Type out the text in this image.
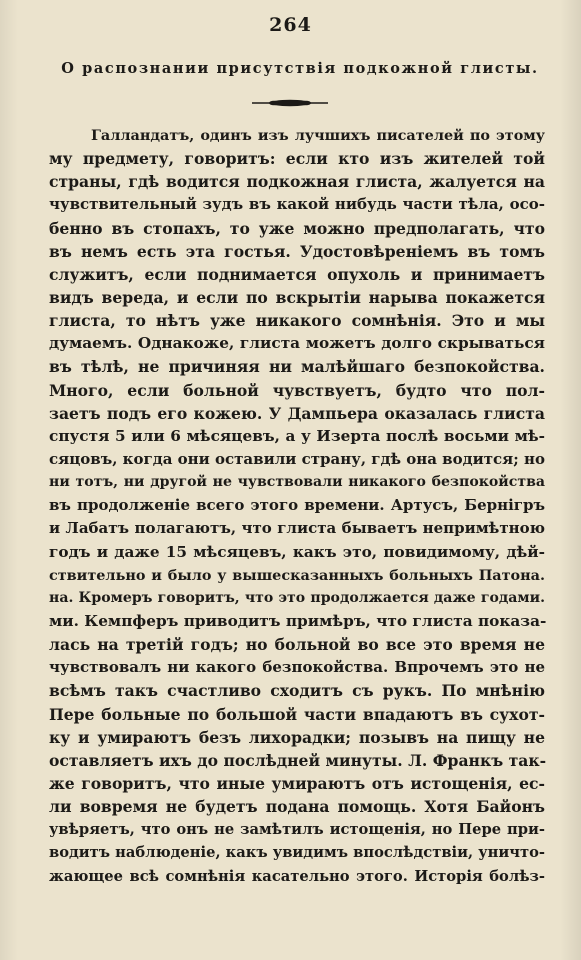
264
О распознании присутствія подкожной глисты.
Галландатъ, одинъ изъ лучшихъ писателей по этому
му предмету, говоритъ: если кто изъ жителей той
страны, гдѣ водится подкожная глиста, жалуется на
чувствительный зудъ въ какой нибудь части тѣла, осо-
бенно въ стопахъ, то уже можно предполагать, что
въ немъ есть эта гостья. Удостовѣреніемъ въ томъ
служитъ, если поднимается опухоль и принимаетъ
видъ вереда, и если по вскрытіи нарыва покажется
глиста, то нѣтъ уже никакого сомнѣнія. Это и мы
думаемъ. Однакоже, глиста можетъ долго скрываться
въ тѣлѣ, не причиняя ни малѣйшаго безпокойства.
Много, если больной чувствуетъ, будто что пол-
заетъ подъ его кожею. У Дампьера оказалась глиста
спустя 5 или 6 мѣсяцевъ, а у Изерта послѣ восьми мѣ-
сяцовъ, когда они оставили страну, гдѣ она водится; но
ни тотъ, ни другой не чувствовали никакого безпокойства
въ продолженіе всего этого времени. Артусъ, Бернігръ
и Лабатъ полагаютъ, что глиста бываетъ непримѣтною
годъ и даже 15 мѣсяцевъ, какъ это, повидимому, дѣй-
ствительно и было у вышесказанныхъ больныхъ Патона.
на. Кромеръ говоритъ, что это продолжается даже годами.
ми. Кемпферъ приводитъ примѣръ, что глиста показа-
лась на третій годъ; но больной во все это время не
чувствовалъ ни какого безпокойства. Впрочемъ это не
всѣмъ такъ счастливо сходитъ съ рукъ. По мнѣнію
Пере больные по большой части впадаютъ въ сухот-
ку и умираютъ безъ лихорадки; позывъ на пищу не
оставляетъ ихъ до послѣдней минуты. Л. Франкъ так-
же говоритъ, что иные умираютъ отъ истощенія, ес-
ли вовремя не будетъ подана помощь. Хотя Байонъ
увѣряетъ, что онъ не замѣтилъ истощенія, но Пере при-
водитъ наблюденіе, какъ увидимъ впослѣдствіи, уничто-
жающее всѣ сомнѣнія касательно этого. Исторія болѣз-
